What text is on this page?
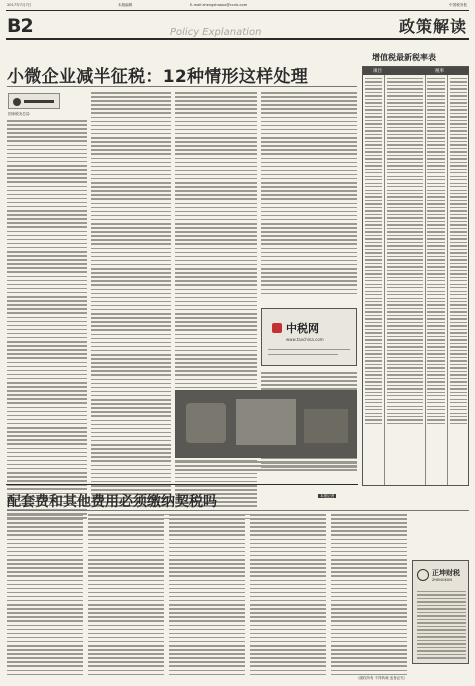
2017年7月7日	本版编辑	E-mail:zhengzhaoxu@ccnb.com	中国税务报
B2	Policy Explanation	政策解读
小微企业减半征税：12种情形这样处理
国家税务总局
中税网
www.taxchina.com
增值税最新税率表
项目	税率
配套费和其他费用必须缴纳契税吗	本报记者
正坤财税
ZHENGKUN
（版权所有 不得转载 违者必究）
